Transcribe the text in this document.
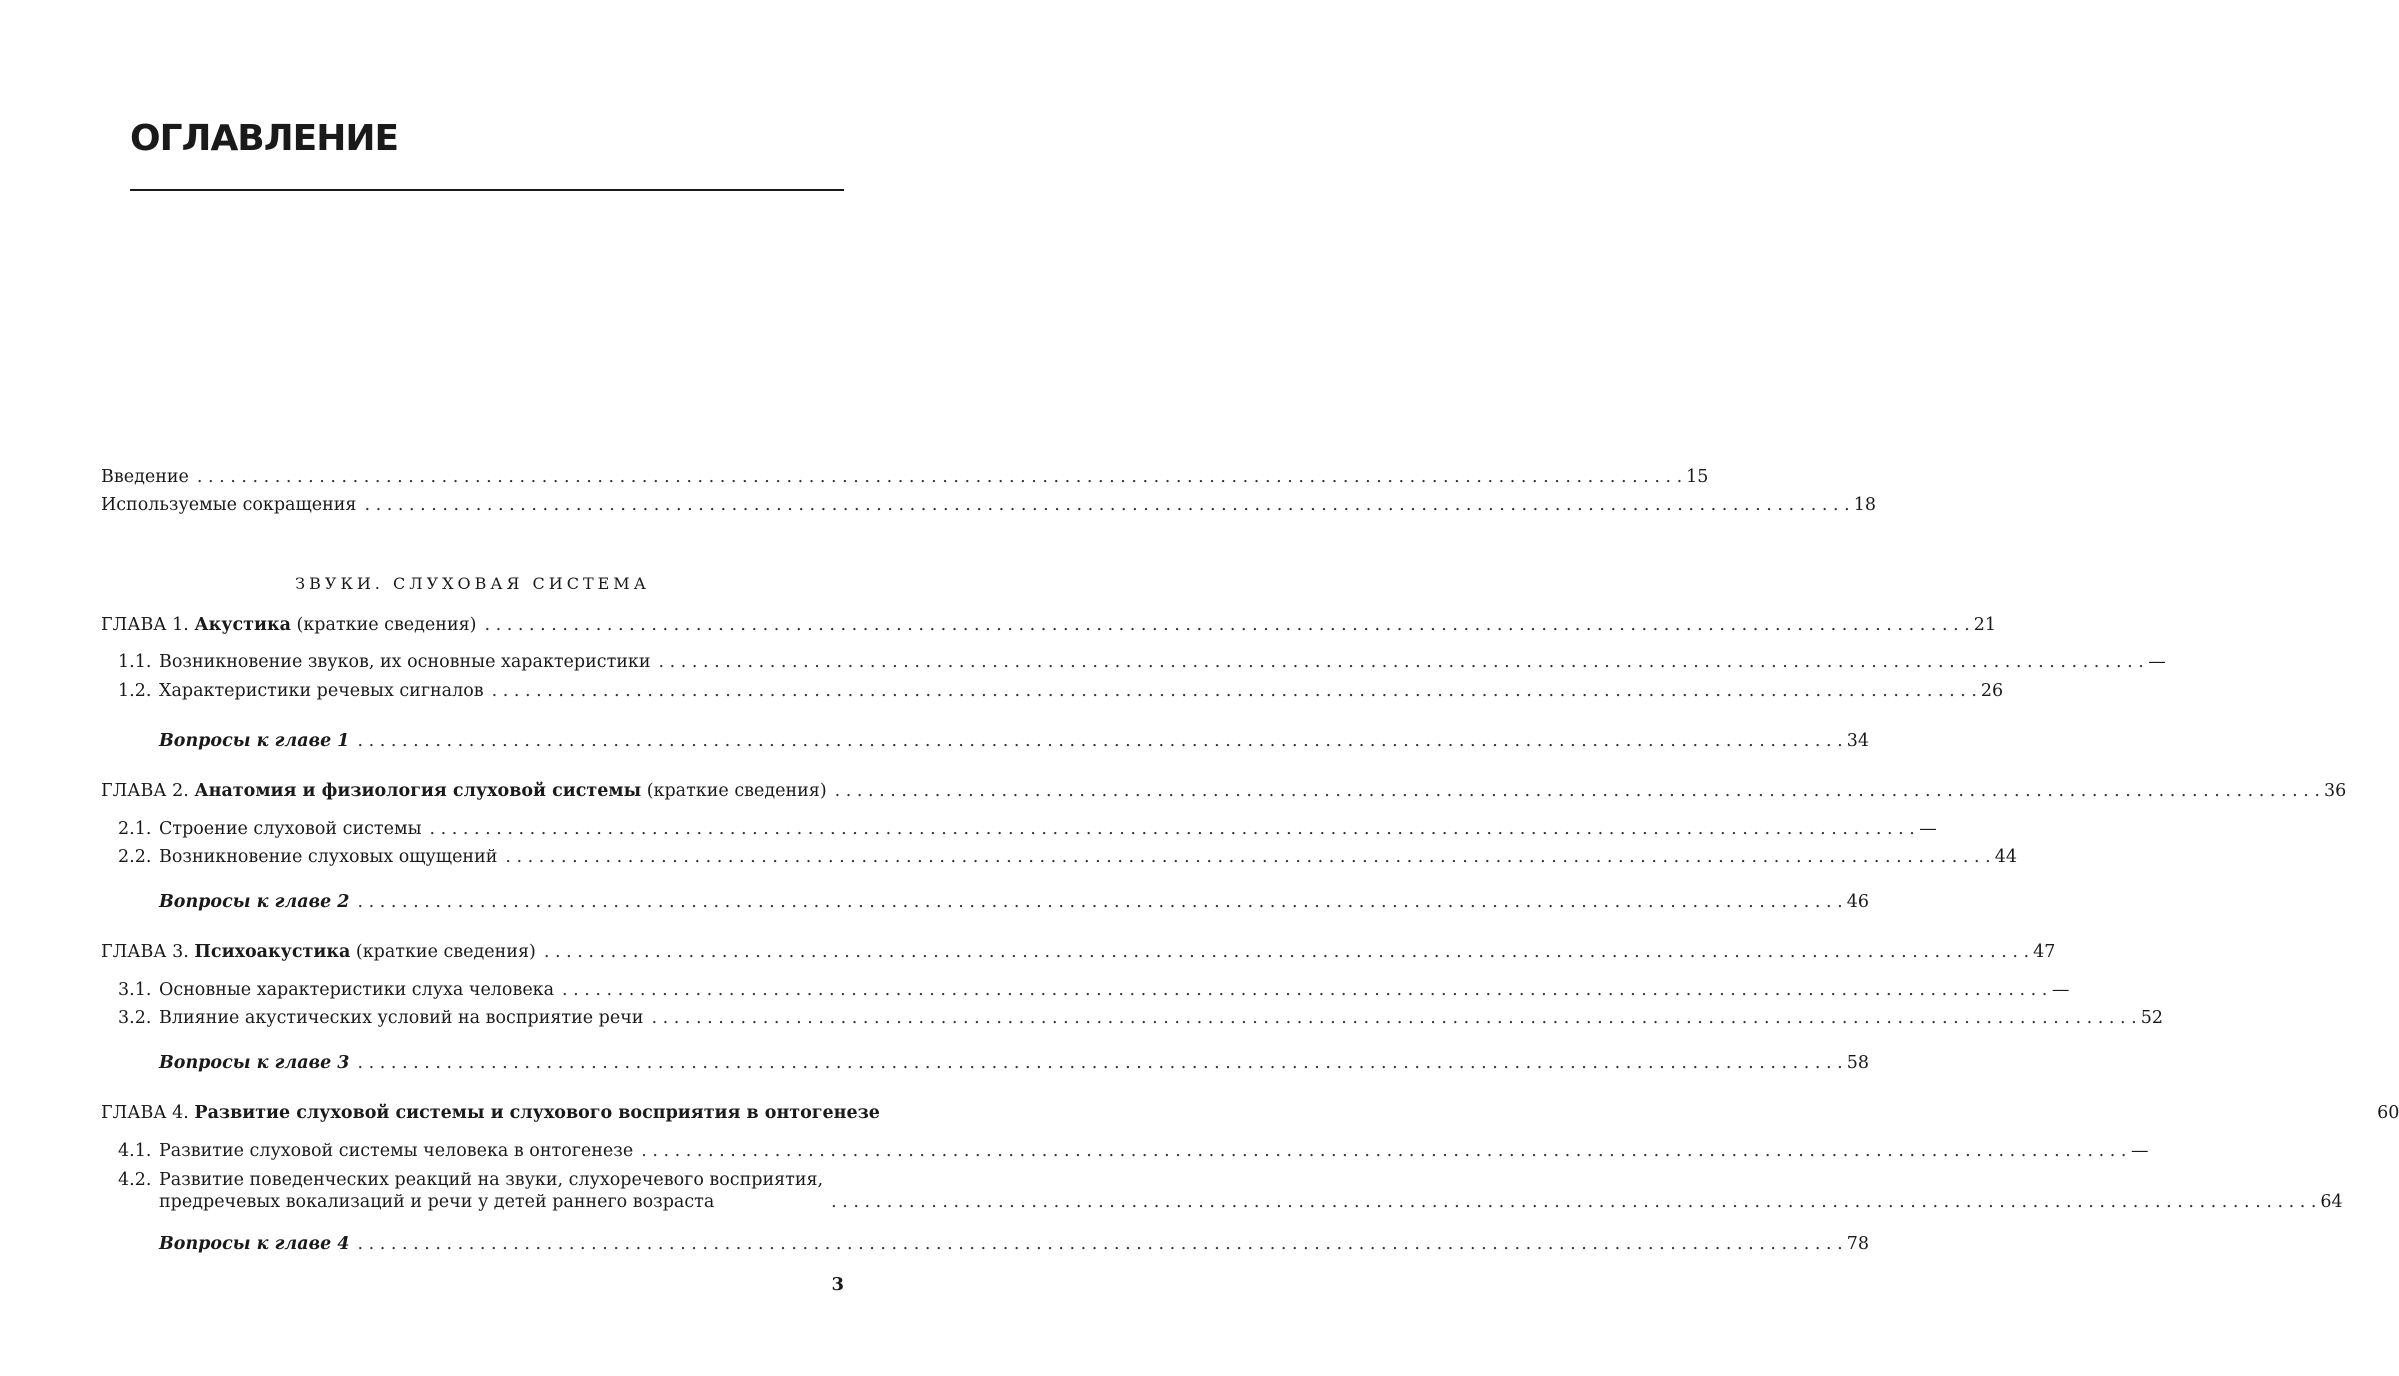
ОГЛАВЛЕНИЕ
Введение . . .	15
Используемые сокращения . . .	18
ЗВУКИ. СЛУХОВАЯ СИСТЕМА
ГЛАВА 1. Акустика (краткие сведения) . . .	21
1.1. Возникновение звуков, их основные характеристики . . .	—
1.2. Характеристики речевых сигналов . . .	26
Вопросы к главе 1 . . .	34
ГЛАВА 2. Анатомия и физиология слуховой системы (краткие сведения) . . .	36
2.1. Строение слуховой системы . . .	—
2.2. Возникновение слуховых ощущений . . .	44
Вопросы к главе 2 . . .	46
ГЛАВА 3. Психоакустика (краткие сведения) . . .	47
3.1. Основные характеристики слуха человека . . .	—
3.2. Влияние акустических условий на восприятие речи . . .	52
Вопросы к главе 3 . . .	58
ГЛАВА 4. Развитие слуховой системы и слухового восприятия в онтогенезе	60
4.1. Развитие слуховой системы человека в онтогенезе . . .	—
4.2. Развитие поведенческих реакций на звуки, слухоречевого восприятия,
предречевых вокализаций и речи у детей раннего возраста . . .	64
Вопросы к главе 4 . . .	78
3
